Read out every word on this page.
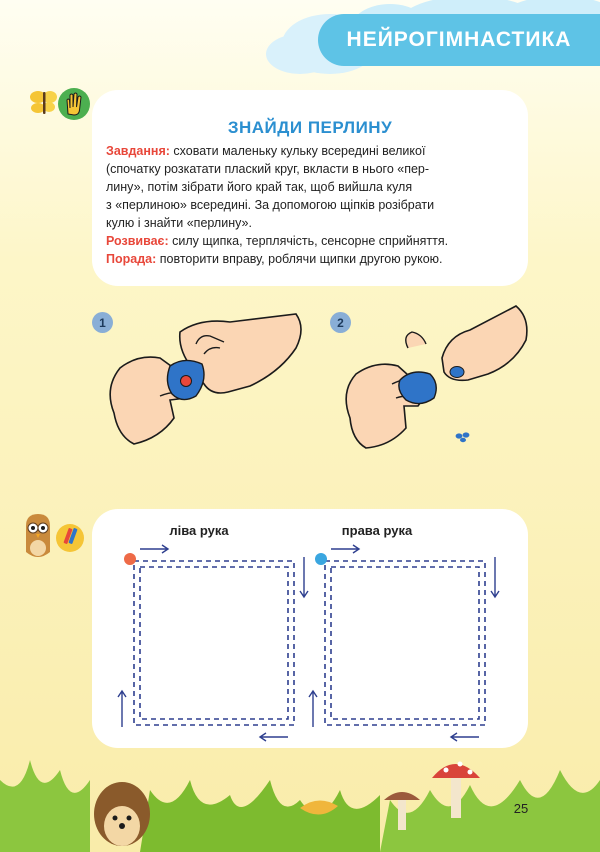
НЕЙРОГІМНАСТИКА
ЗНАЙДИ ПЕРЛИНУ
Завдання: сховати маленьку кульку всередині великої
(спочатку розкатати плаский круг, вкласти в нього «пер-
лину», потім зібрати його край так, щоб вийшла куля
з «перлиною» всередині. За допомогою щіпків розібрати
кулю і знайти «перлину».
Розвиває: силу щипка, терплячість, сенсорне сприйняття.
Порада: повторити вправу, роблячи щипки другою рукою.
1	2
ліва рука	права рука
25
